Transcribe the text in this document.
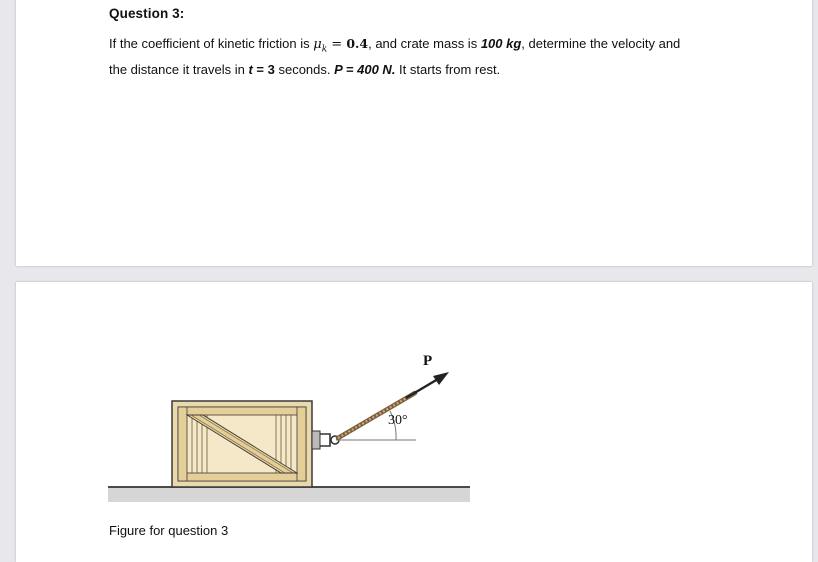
Question 3:
If the coefficient of kinetic friction is $\mu_k = 0.4$, and crate mass is 100 kg, determine the velocity and
the distance it travels in t = 3 seconds. P = 400 N. It starts from rest.
P
30°
Figure for question 3
